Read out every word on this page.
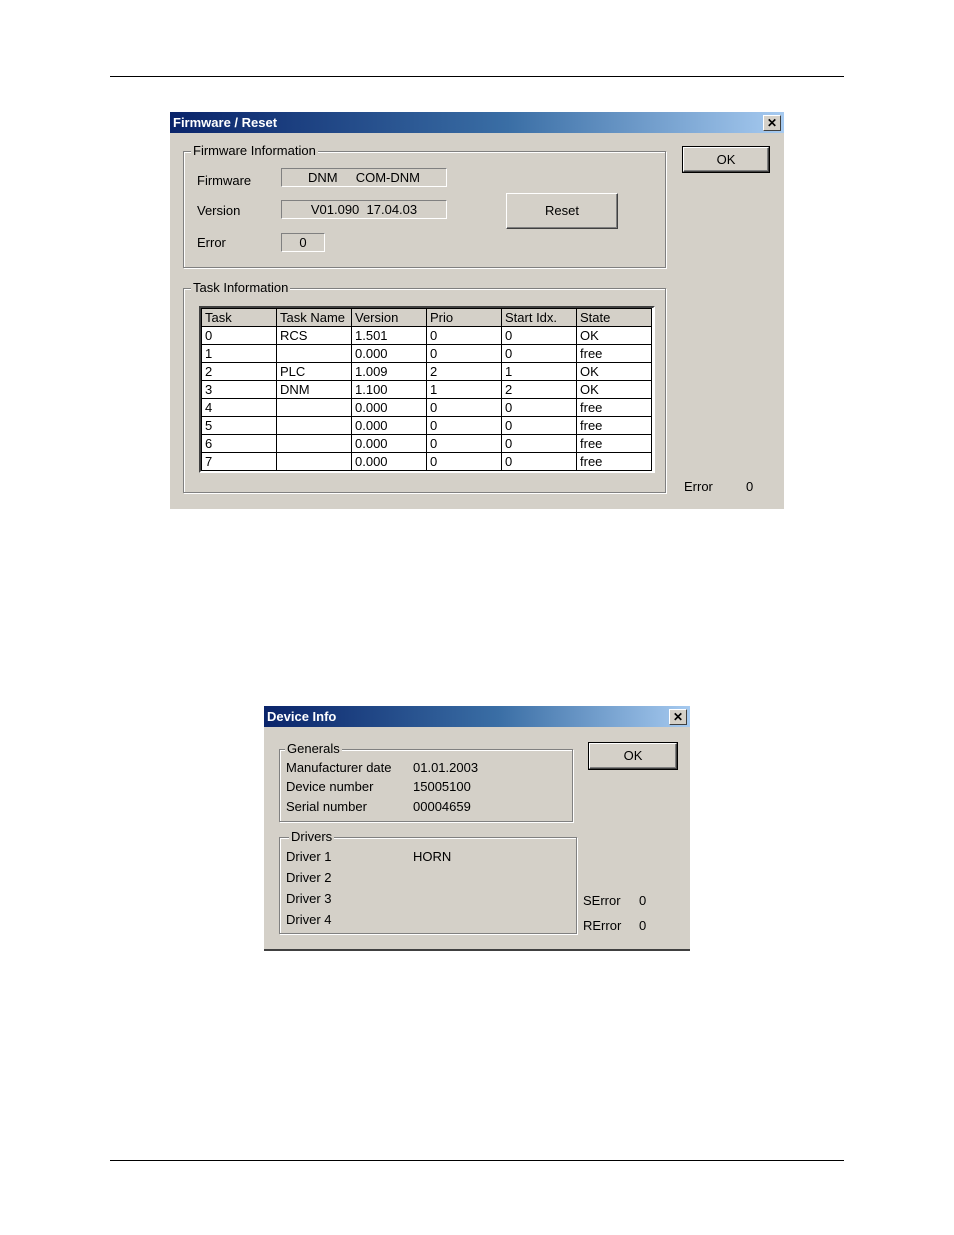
Firmware / Reset	✕
OK
Firmware Information
Firmware	DNM     COM-DNM
Version	V01.090  17.04.03
Error	0
Reset
Task Information
Task	Task Name	Version	Prio	Start Idx.	State
0	RCS	1.501	0	0	OK
1		0.000	0	0	free
2	PLC	1.009	2	1	OK
3	DNM	1.100	1	2	OK
4		0.000	0	0	free
5		0.000	0	0	free
6		0.000	0	0	free
7		0.000	0	0	free
Error	0
Device Info	✕
OK
Generals
Manufacturer date 01.01.2003
Device number	15005100
Serial number	00004659
Drivers
Driver 1	HORN
Driver 2
Driver 3
Driver 4
SError 0
RError 0
